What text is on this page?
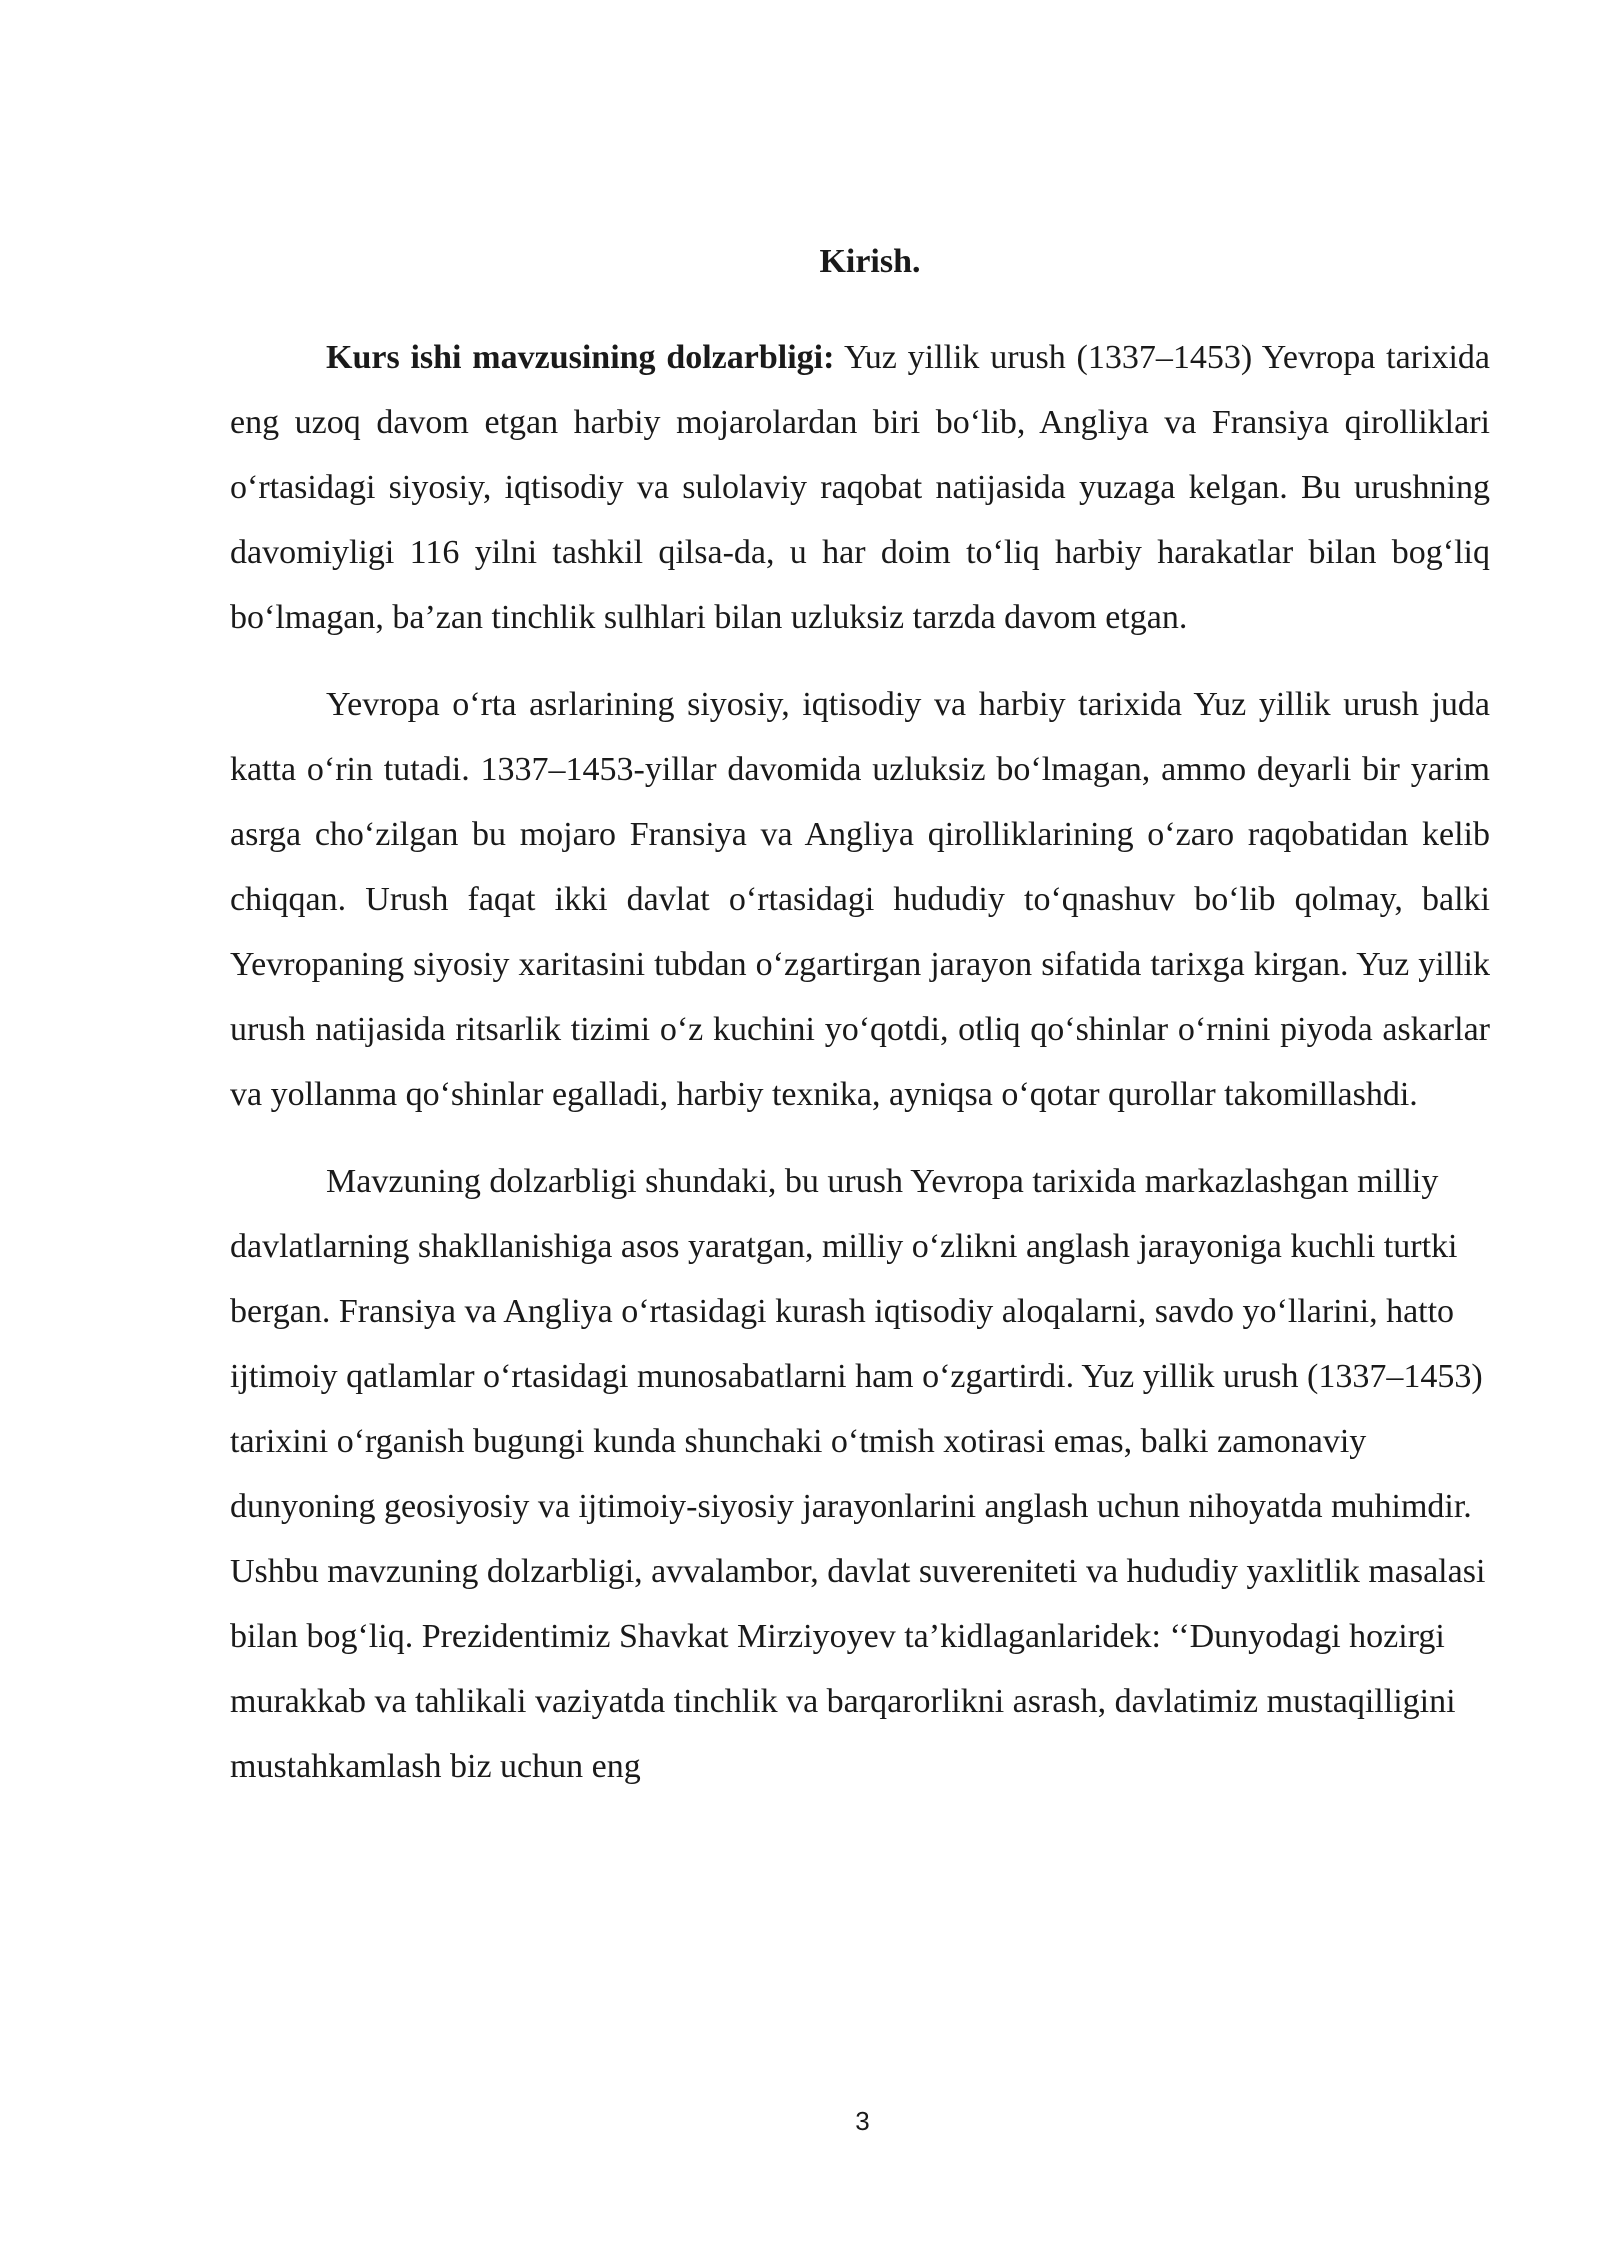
Kirish.

Kurs ishi mavzusining dolzarbligi: Yuz yillik urush (1337–1453) Yevropa tarixida eng uzoq davom etgan harbiy mojarolardan biri bo‘lib, Angliya va Fransiya qirolliklari o‘rtasidagi siyosiy, iqtisodiy va sulolaviy raqobat natijasida yuzaga kelgan. Bu urushning davomiyligi 116 yilni tashkil qilsa-da, u har doim to‘liq harbiy harakatlar bilan bog‘liq bo‘lmagan, ba’zan tinchlik sulhlari bilan uzluksiz tarzda davom etgan.

Yevropa o‘rta asrlarining siyosiy, iqtisodiy va harbiy tarixida Yuz yillik urush juda katta o‘rin tutadi. 1337–1453-yillar davomida uzluksiz bo‘lmagan, ammo deyarli bir yarim asrga cho‘zilgan bu mojaro Fransiya va Angliya qirolliklarining o‘zaro raqobatidan kelib chiqqan. Urush faqat ikki davlat o‘rtasidagi hududiy to‘qnashuv bo‘lib qolmay, balki Yevropaning siyosiy xaritasini tubdan o‘zgartirgan jarayon sifatida tarixga kirgan. Yuz yillik urush natijasida ritsarlik tizimi o‘z kuchini yo‘qotdi, otliq qo‘shinlar o‘rnini piyoda askarlar va yollanma qo‘shinlar egalladi, harbiy texnika, ayniqsa o‘qotar qurollar takomillashdi.

Mavzuning dolzarbligi shundaki, bu urush Yevropa tarixida markazlashgan milliy davlatlarning shakllanishiga asos yaratgan, milliy o‘zlikni anglash jarayoniga kuchli turtki bergan. Fransiya va Angliya o‘rtasidagi kurash iqtisodiy aloqalarni, savdo yo‘llarini, hatto ijtimoiy qatlamlar o‘rtasidagi munosabatlarni ham o‘zgartirdi. Yuz yillik urush (1337–1453) tarixini o‘rganish bugungi kunda shunchaki o‘tmish xotirasi emas, balki zamonaviy dunyoning geosiyosiy va ijtimoiy-siyosiy jarayonlarini anglash uchun nihoyatda muhimdir. Ushbu mavzuning dolzarbligi, avvalambor, davlat suvereniteti va hududiy yaxlitlik masalasi bilan bog‘liq. Prezidentimiz Shavkat Mirziyoyev ta’kidlaganlaridek: ‘‘Dunyodagi hozirgi murakkab va tahlikali vaziyatda tinchlik va barqarorlikni asrash, davlatimiz mustaqilligini mustahkamlash biz uchun eng

3
